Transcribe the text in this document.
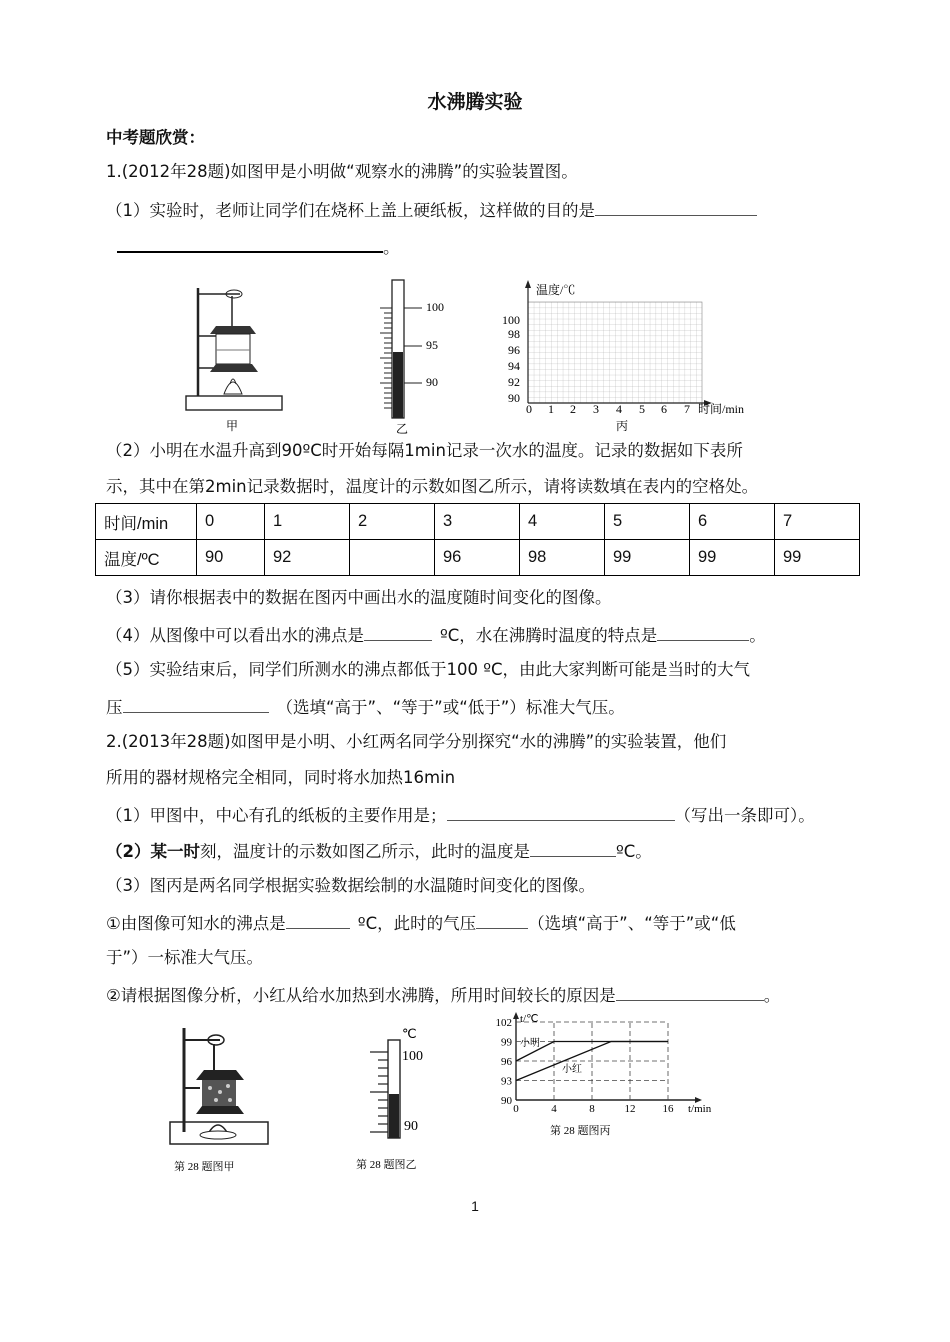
水沸腾实验
中考题欣赏：
1.(2012年28题)如图甲是小明做“观察水的沸腾”的实验装置图。
（1）实验时，老师让同学们在烧杯上盖上硬纸板，这样做的目的是
。
甲
100
95
90
乙
温度/℃
100
98
96
94
92
90
0 1 2 3 4 5 6 7 时间/min
丙
（2）小明在水温升高到90ºC时开始每隔1min记录一次水的温度。记录的数据如下表所
示，其中在第2min记录数据时，温度计的示数如图乙所示，请将读数填在表内的空格处。
时间/min	0	1	2	3	4	5	6	7
温度/ºC	90	92		96	98	99	99	99
（3）请你根据表中的数据在图丙中画出水的温度随时间变化的图像。
（4）从图像中可以看出水的沸点是	ºC，水在沸腾时温度的特点是	。
（5）实验结束后，同学们所测水的沸点都低于100 ºC，由此大家判断可能是当时的大气
压	（选填“高于”、“等于”或“低于”）标准大气压。
2.(2013年28题)如图甲是小明、小红两名同学分别探究“水的沸腾”的实验装置，他们
所用的器材规格完全相同，同时将水加热16min
（1）甲图中，中心有孔的纸板的主要作用是；	（写出一条即可）。
（2）某一时刻，温度计的示数如图乙所示，此时的温度是	ºC。
（3）图丙是两名同学根据实验数据绘制的水温随时间变化的图像。
①由图像可知水的沸点是	ºC，此时的气压	（选填“高于”、“等于”或“低
于”）一标准大气压。
②请根据图像分析，小红从给水加热到水沸腾，所用时间较长的原因是	。
第 28 题图甲
℃
100
90
第 28 题图乙
102
99
96
93
90
0	4	8	12 16
t/℃
t/min
小明
小红
第 28 题图丙
1
